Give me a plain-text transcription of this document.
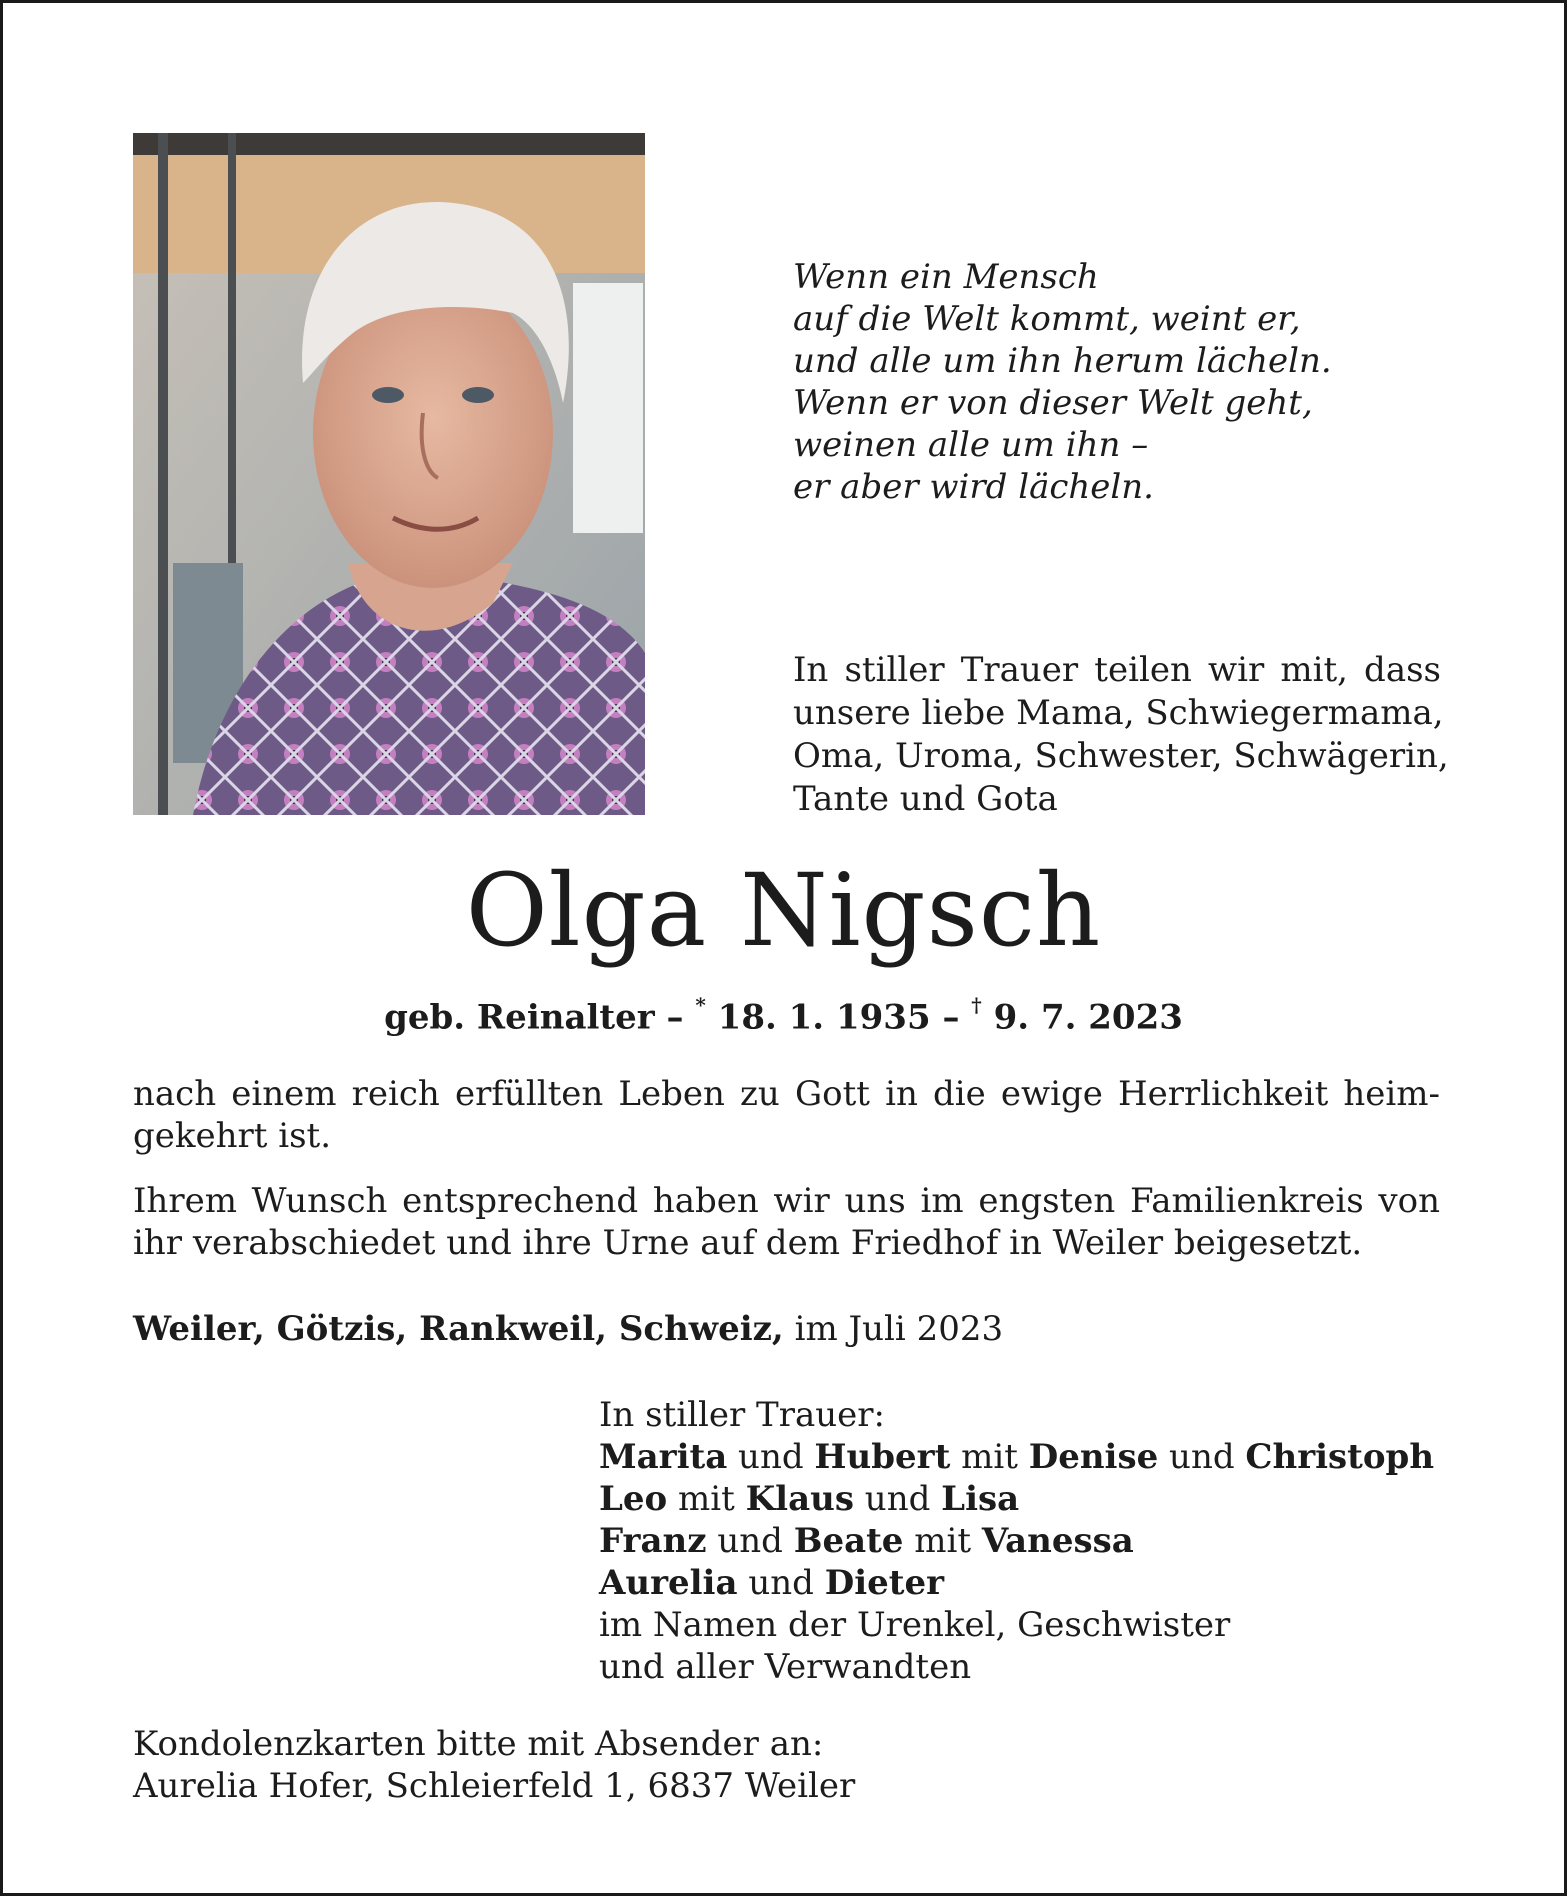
Wenn ein Mensch
auf die Welt kommt, weint er,
und alle um ihn herum lächeln.
Wenn er von dieser Welt geht,
weinen alle um ihn –
er aber wird lächeln.
In stiller Trauer teilen wir mit, dass
unsere liebe Mama, Schwiegermama,
Oma, Uroma, Schwester, Schwägerin,
Tante und Gota
Olga Nigsch
geb. Reinalter – * 18. 1. 1935 – † 9. 7. 2023
nach einem reich erfüllten Leben zu Gott in die ewige Herrlichkeit heim-
gekehrt ist.
Ihrem Wunsch entsprechend haben wir uns im engsten Familienkreis von
ihr verabschiedet und ihre Urne auf dem Friedhof in Weiler beigesetzt.
Weiler, Götzis, Rankweil, Schweiz, im Juli 2023
In stiller Trauer:
Marita und Hubert mit Denise und Christoph
Leo mit Klaus und Lisa
Franz und Beate mit Vanessa
Aurelia und Dieter
im Namen der Urenkel, Geschwister
und aller Verwandten
Kondolenzkarten bitte mit Absender an:
Aurelia Hofer, Schleierfeld 1, 6837 Weiler
